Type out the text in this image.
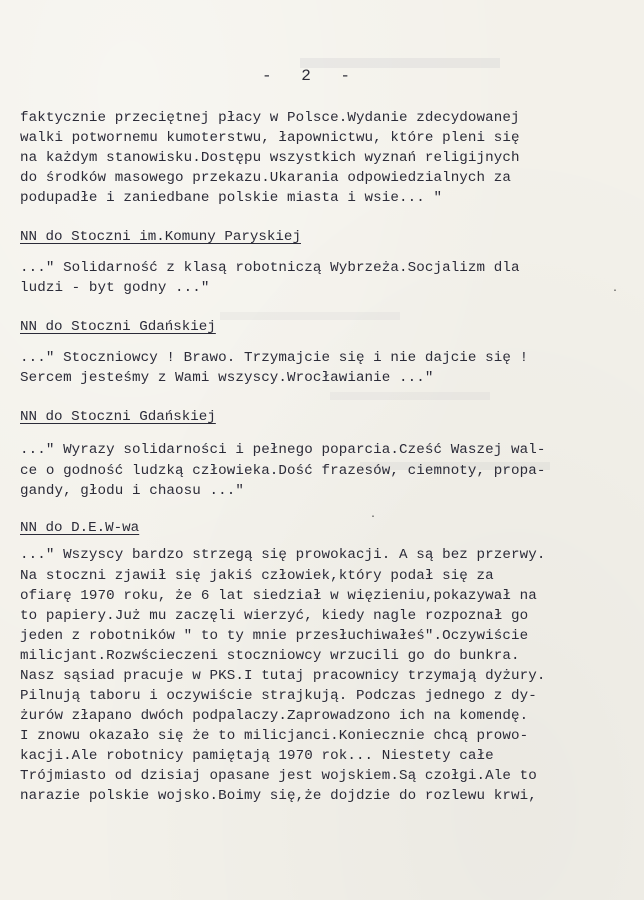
- 2 -
faktycznie przeciętnej płacy w Polsce.Wydanie zdecydowanej
walki potwornemu kumoterstwu, łapownictwu, które pleni się
na każdym stanowisku.Dostępu wszystkich wyznań religijnych
do środków masowego przekazu.Ukarania odpowiedzialnych za
podupadłe i zaniedbane polskie miasta i wsie... "
NN do Stoczni im.Komuny Paryskiej
..." Solidarność z klasą robotniczą Wybrzeża.Socjalizm dla
ludzi - byt godny ..."
NN do Stoczni Gdańskiej
..." Stoczniowcy ! Brawo. Trzymajcie się i nie dajcie się !
Sercem jesteśmy z Wami wszyscy.Wrocławianie ..."
NN do Stoczni Gdańskiej
..." Wyrazy solidarności i pełnego poparcia.Cześć Waszej wal-
ce o godność ludzką człowieka.Dość frazesów, ciemnoty, propa-
gandy, głodu i chaosu ..."
NN do D.E.W-wa
..." Wszyscy bardzo strzegą się prowokacji. A są bez przerwy.
Na stoczni zjawił się jakiś człowiek,który podał się za
ofiarę 1970 roku, że 6 lat siedział w więzieniu,pokazywał na
to papiery.Już mu zaczęli wierzyć, kiedy nagle rozpoznał go
jeden z robotników " to ty mnie przesłuchiwałeś".Oczywiście
milicjant.Rozwścieczeni stoczniowcy wrzucili go do bunkra.
Nasz sąsiad pracuje w PKS.I tutaj pracownicy trzymają dyżury.
Pilnują taboru i oczywiście strajkują. Podczas jednego z dy-
żurów złapano dwóch podpalaczy.Zaprowadzono ich na komendę.
I znowu okazało się że to milicjanci.Koniecznie chcą prowo-
kacji.Ale robotnicy pamiętają 1970 rok... Niestety całe
Trójmiasto od dzisiaj opasane jest wojskiem.Są czołgi.Ale to
narazie polskie wojsko.Boimy się,że dojdzie do rozlewu krwi,
·
·
